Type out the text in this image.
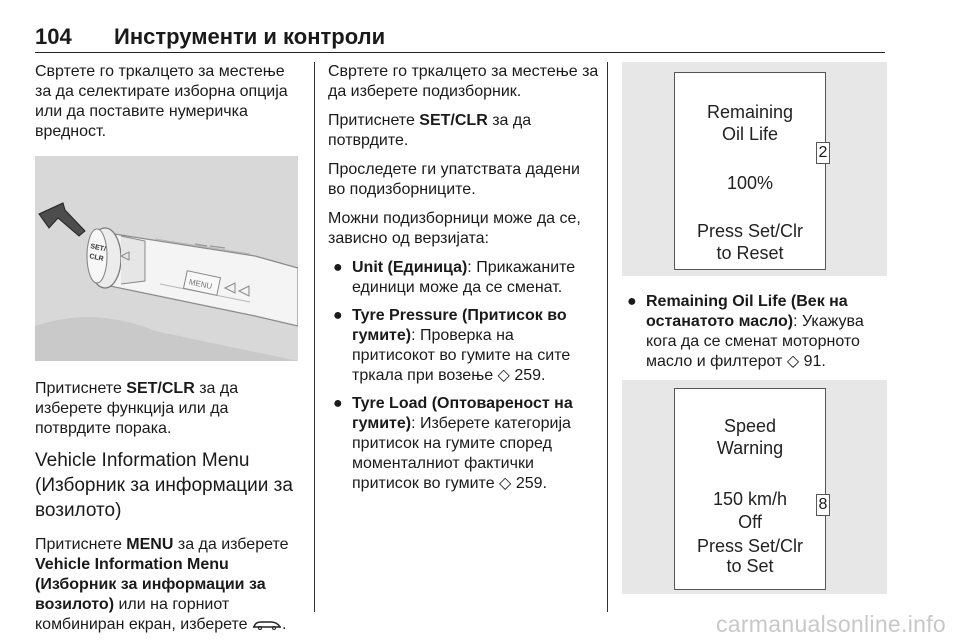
104 Инструменти и контроли

Свртете го тркалцето за местење за да селектирате изборна опција или да поставите нумеричка вредност.

SET/
CLR
MENU

Притиснете SET/CLR за да изберете функција или да потврдите порака.

Vehicle Information Menu (Изборник за информации за возилото)

Притиснете MENU за да изберете Vehicle Information Menu (Изборник за информации за возилото) или на горниот комбиниран екран, изберете .

Свртете го тркалцето за местење за да изберете подизборник.

Притиснете SET/CLR за да потврдите.

Проследете ги упатствата дадени во подизборниците.

Можни подизборници може да се, зависно од верзијата:

● Unit (Единица): Прикажаните единици може да се сменат.
● Tyre Pressure (Притисок во гумите): Проверка на притисокот во гумите на сите тркала при возење ◇ 259.
● Tyre Load (Оптовареност на гумите): Изберете категорија притисок на гумите според моменталниот фактички притисок во гумите ◇ 259.
Remaining
Oil Life
100%
Press Set/Clr
to Reset
2
● Remaining Oil Life (Век на останатото масло): Укажува кога да се сменат моторното масло и филтерот ◇ 91.
Speed
Warning
150 km/h
Off
Press Set/Clr
to Set
8
carmanualsonline.info
